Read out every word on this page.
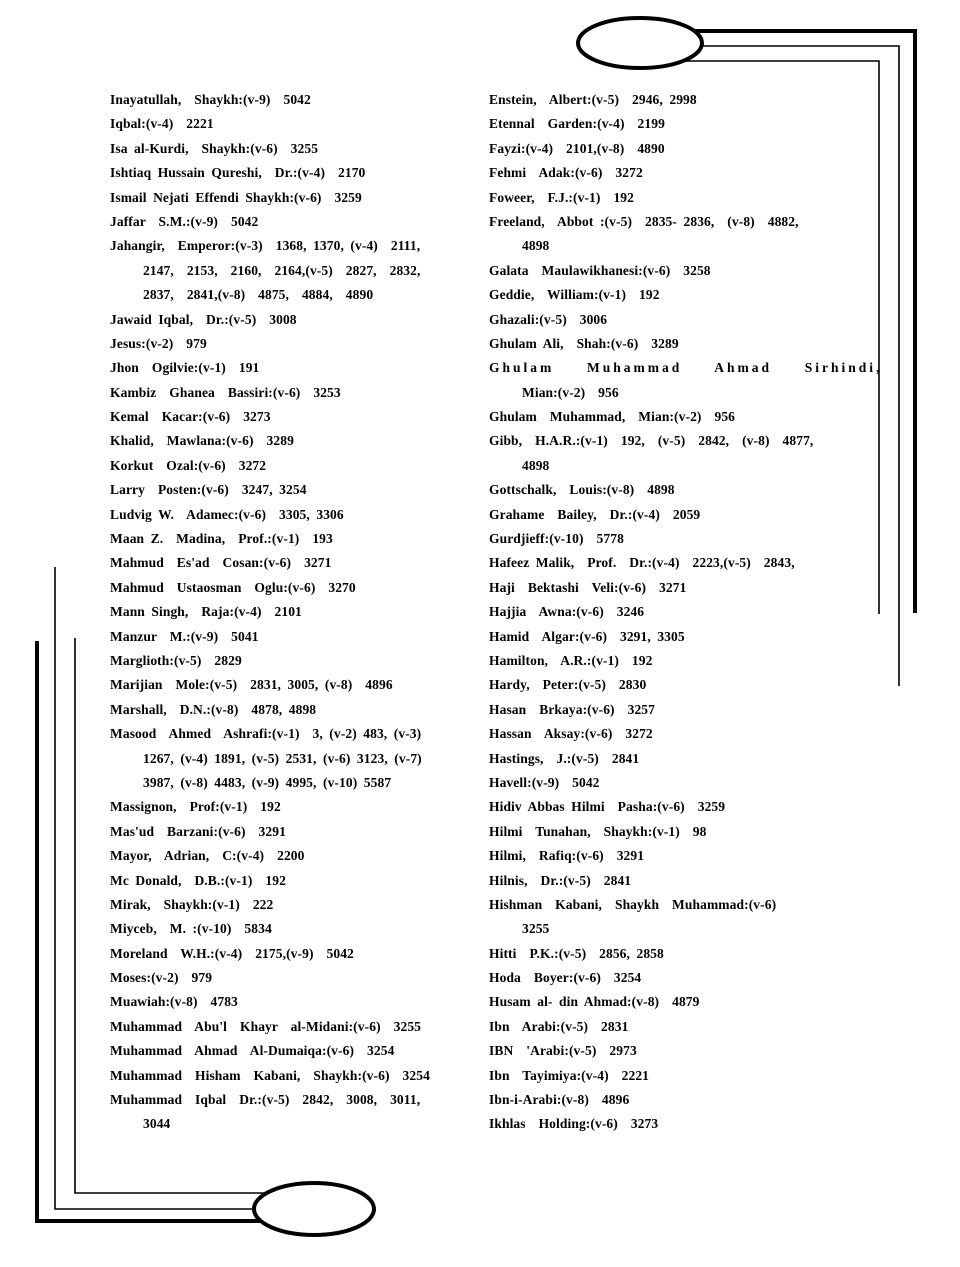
Inayatullah,  Shaykh:(v-9)  5042
Iqbal:(v-4)  2221
Isa al-Kurdi,  Shaykh:(v-6)  3255
Ishtiaq Hussain Qureshi,  Dr.:(v-4)  2170
Ismail Nejati Effendi Shaykh:(v-6)  3259
Jaffar  S.M.:(v-9)  5042
Jahangir,  Emperor:(v-3)  1368, 1370, (v-4)  2111,
2147,  2153,  2160,  2164,(v-5)  2827,  2832,
2837,  2841,(v-8)  4875,  4884,  4890
Jawaid Iqbal,  Dr.:(v-5)  3008
Jesus:(v-2)  979
Jhon  Ogilvie:(v-1)  191
Kambiz  Ghanea  Bassiri:(v-6)  3253
Kemal  Kacar:(v-6)  3273
Khalid,  Mawlana:(v-6)  3289
Korkut  Ozal:(v-6)  3272
Larry  Posten:(v-6)  3247, 3254
Ludvig W.  Adamec:(v-6)  3305, 3306
Maan Z.  Madina,  Prof.:(v-1)  193
Mahmud  Es'ad  Cosan:(v-6)  3271
Mahmud  Ustaosman  Oglu:(v-6)  3270
Mann Singh,  Raja:(v-4)  2101
Manzur  M.:(v-9)  5041
Marglioth:(v-5)  2829
Marijian  Mole:(v-5)  2831, 3005, (v-8)  4896
Marshall,  D.N.:(v-8)  4878, 4898
Masood  Ahmed  Ashrafi:(v-1)  3, (v-2) 483, (v-3)
1267, (v-4) 1891, (v-5) 2531, (v-6) 3123, (v-7)
3987, (v-8) 4483, (v-9) 4995, (v-10) 5587
Massignon,  Prof:(v-1)  192
Mas'ud  Barzani:(v-6)  3291
Mayor,  Adrian,  C:(v-4)  2200
Mc Donald,  D.B.:(v-1)  192
Mirak,  Shaykh:(v-1)  222
Miyceb,  M. :(v-10)  5834
Moreland  W.H.:(v-4)  2175,(v-9)  5042
Moses:(v-2)  979
Muawiah:(v-8)  4783
Muhammad  Abu'l  Khayr  al-Midani:(v-6)  3255
Muhammad  Ahmad  Al-Dumaiqa:(v-6)  3254
Muhammad  Hisham  Kabani,  Shaykh:(v-6)  3254
Muhammad  Iqbal  Dr.:(v-5)  2842,  3008,  3011,
3044
Enstein,  Albert:(v-5)  2946, 2998
Etennal  Garden:(v-4)  2199
Fayzi:(v-4)  2101,(v-8)  4890
Fehmi  Adak:(v-6)  3272
Foweer,  F.J.:(v-1)  192
Freeland,  Abbot :(v-5)  2835- 2836,  (v-8)  4882,
4898
Galata  Maulawikhanesi:(v-6)  3258
Geddie,  William:(v-1)  192
Ghazali:(v-5)  3006
Ghulam Ali,  Shah:(v-6)  3289
Ghulam  Muhammad  Ahmad  Sirhindi,
Mian:(v-2)  956
Ghulam  Muhammad,  Mian:(v-2)  956
Gibb,  H.A.R.:(v-1)  192,  (v-5)  2842,  (v-8)  4877,
4898
Gottschalk,  Louis:(v-8)  4898
Grahame  Bailey,  Dr.:(v-4)  2059
Gurdjieff:(v-10)  5778
Hafeez Malik,  Prof.  Dr.:(v-4)  2223,(v-5)  2843,
Haji  Bektashi  Veli:(v-6)  3271
Hajjia  Awna:(v-6)  3246
Hamid  Algar:(v-6)  3291, 3305
Hamilton,  A.R.:(v-1)  192
Hardy,  Peter:(v-5)  2830
Hasan  Brkaya:(v-6)  3257
Hassan  Aksay:(v-6)  3272
Hastings,  J.:(v-5)  2841
Havell:(v-9)  5042
Hidiv Abbas Hilmi  Pasha:(v-6)  3259
Hilmi  Tunahan,  Shaykh:(v-1)  98
Hilmi,  Rafiq:(v-6)  3291
Hilnis,  Dr.:(v-5)  2841
Hishman  Kabani,  Shaykh  Muhammad:(v-6)
3255
Hitti  P.K.:(v-5)  2856, 2858
Hoda  Boyer:(v-6)  3254
Husam al- din Ahmad:(v-8)  4879
Ibn  Arabi:(v-5)  2831
IBN  'Arabi:(v-5)  2973
Ibn  Tayimiya:(v-4)  2221
Ibn-i-Arabi:(v-8)  4896
Ikhlas  Holding:(v-6)  3273
